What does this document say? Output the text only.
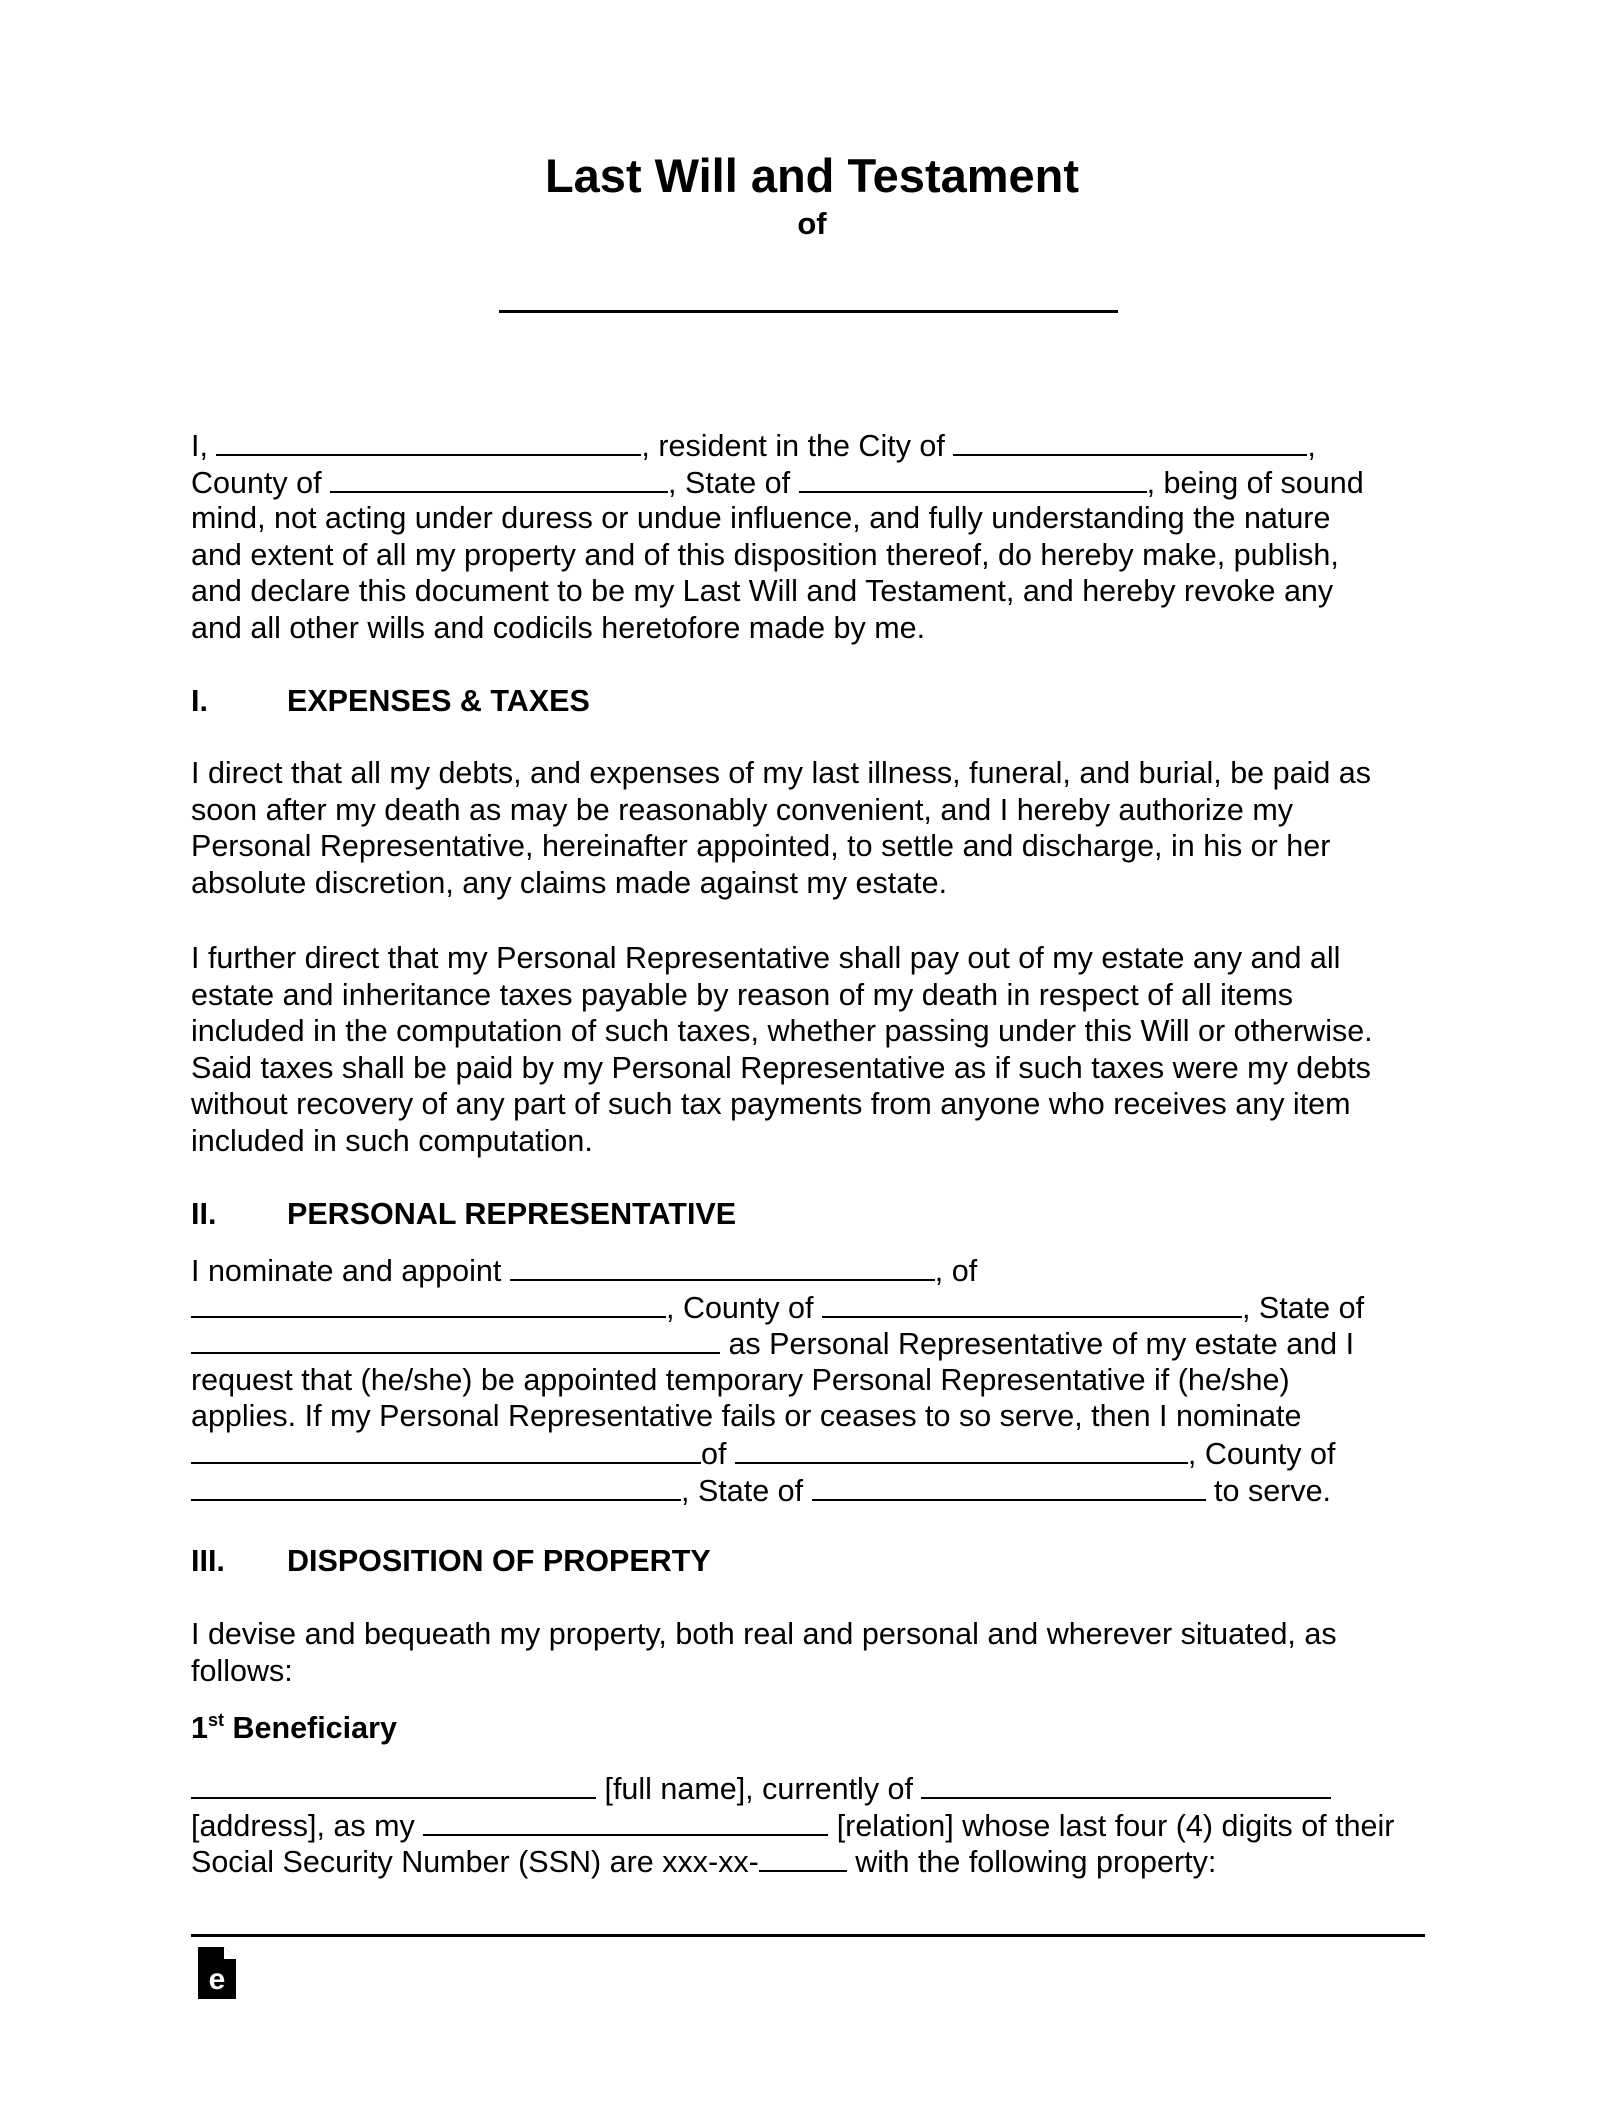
Last Will and Testament
of
I,	, resident in the City of	,
County of	, State of	, being of sound
mind, not acting under duress or undue influence, and fully understanding the nature
and extent of all my property and of this disposition thereof, do hereby make, publish,
and declare this document to be my Last Will and Testament, and hereby revoke any
and all other wills and codicils heretofore made by me.
I.	EXPENSES & TAXES
I direct that all my debts, and expenses of my last illness, funeral, and burial, be paid as
soon after my death as may be reasonably convenient, and I hereby authorize my
Personal Representative, hereinafter appointed, to settle and discharge, in his or her
absolute discretion, any claims made against my estate.
I further direct that my Personal Representative shall pay out of my estate any and all
estate and inheritance taxes payable by reason of my death in respect of all items
included in the computation of such taxes, whether passing under this Will or otherwise.
Said taxes shall be paid by my Personal Representative as if such taxes were my debts
without recovery of any part of such tax payments from anyone who receives any item
included in such computation.
II. PERSONAL REPRESENTATIVE
I nominate and appoint	, of
, County of	, State of
as Personal Representative of my estate and I
request that (he/she) be appointed temporary Personal Representative if (he/she)
applies. If my Personal Representative fails or ceases to so serve, then I nominate
of	, County of
, State of	to serve.
III. DISPOSITION OF PROPERTY
I devise and bequeath my property, both real and personal and wherever situated, as
follows:
1st Beneficiary
[full name], currently of
[address], as my	[relation] whose last four (4) digits of their
Social Security Number (SSN) are xxx-xx-	with the following property:
e
